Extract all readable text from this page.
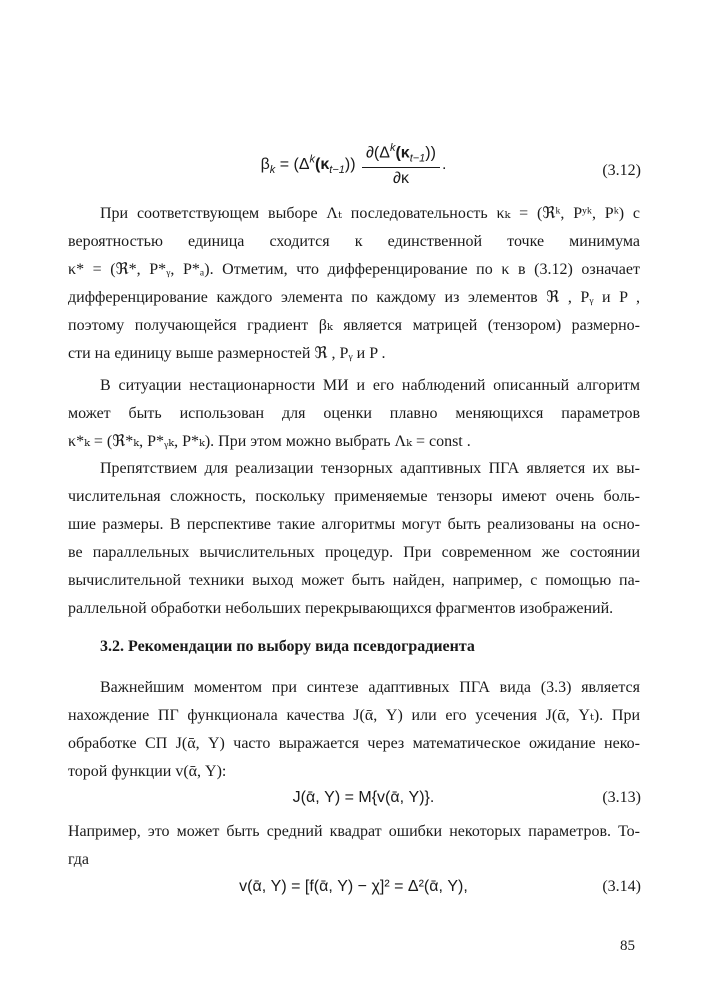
$\beta_k = (\Delta^k(\kappa_{t-1})) \frac{\partial(\Delta^k(\kappa_{t-1}))}{\partial\kappa}$ .	(3.12)
При соответствующем выборе Λₜ последовательность κₖ = (ℜᵏ, Pʸᵏ, Pᵏ) с
вероятностью единица сходится к единственной точке минимума
κ* = (ℜ*, P*ᵧ, P*ₐ). Отметим, что дифференцирование по κ в (3.12) означает
дифференцирование каждого элемента по каждому из элементов ℜ , Pᵧ и P ,
поэтому получающейся градиент βₖ является матрицей (тензором) размерно-
сти на единицу выше размерностей ℜ , Pᵧ и P .
В ситуации нестационарности МИ и его наблюдений описанный алгоритм
может быть использован для оценки плавно меняющихся параметров
κ*ₖ = (ℜ*ₖ, P*ᵧₖ, P*ₖ). При этом можно выбрать Λₖ = const .
Препятствием для реализации тензорных адаптивных ПГА является их вы-
числительная сложность, поскольку применяемые тензоры имеют очень боль-
шие размеры. В перспективе такие алгоритмы могут быть реализованы на осно-
ве параллельных вычислительных процедур. При современном же состоянии
вычислительной техники выход может быть найден, например, с помощью па-
раллельной обработки небольших перекрывающихся фрагментов изображений.
3.2. Рекомендации по выбору вида псевдоградиента
Важнейшим моментом при синтезе адаптивных ПГА вида (3.3) является
нахождение ПГ функционала качества J(ᾱ, Y) или его усечения J(ᾱ, Yₜ). При
обработке СП J(ᾱ, Y) часто выражается через математическое ожидание неко-
торой функции v(ᾱ, Y):
J(ᾱ, Y) = M{v(ᾱ, Y)}.	(3.13)
Например, это может быть средний квадрат ошибки некоторых параметров. То-
гда
v(ᾱ, Y) = [f(ᾱ, Y) − χ]² = Δ²(ᾱ, Y),	(3.14)
85
